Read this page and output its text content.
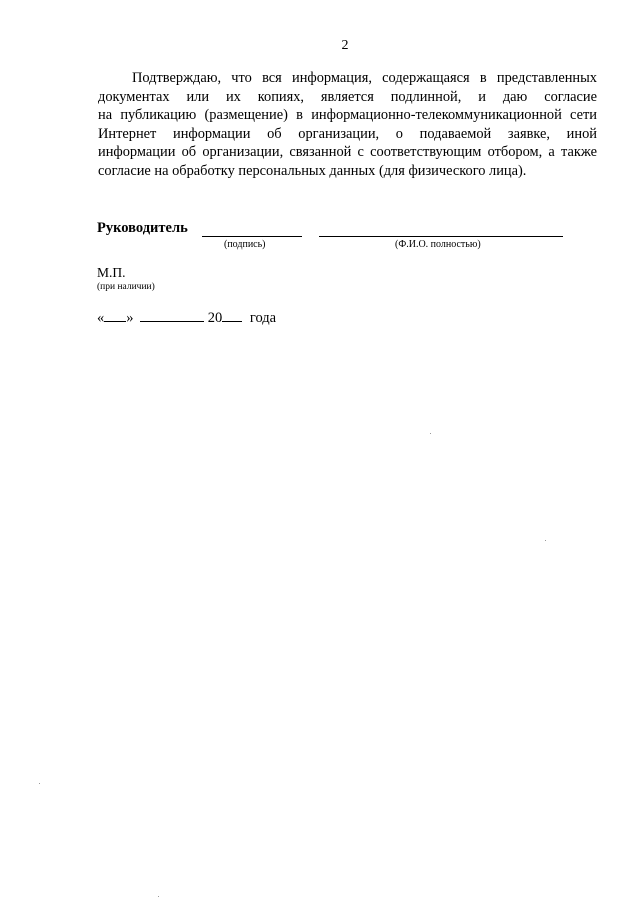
2
Подтверждаю, что вся информация, содержащаяся в представленных
документах или их копиях, является подлинной, и даю согласие
на публикацию (размещение) в информационно-телекоммуникационной сети
Интернет информации об организации, о подаваемой заявке, иной
информации об организации, связанной с соответствующим отбором, а также
согласие на обработку персональных данных (для физического лица).
Руководитель
(подпись)	(Ф.И.О. полностью)
М.П.
(при наличии)
« »	20 года
